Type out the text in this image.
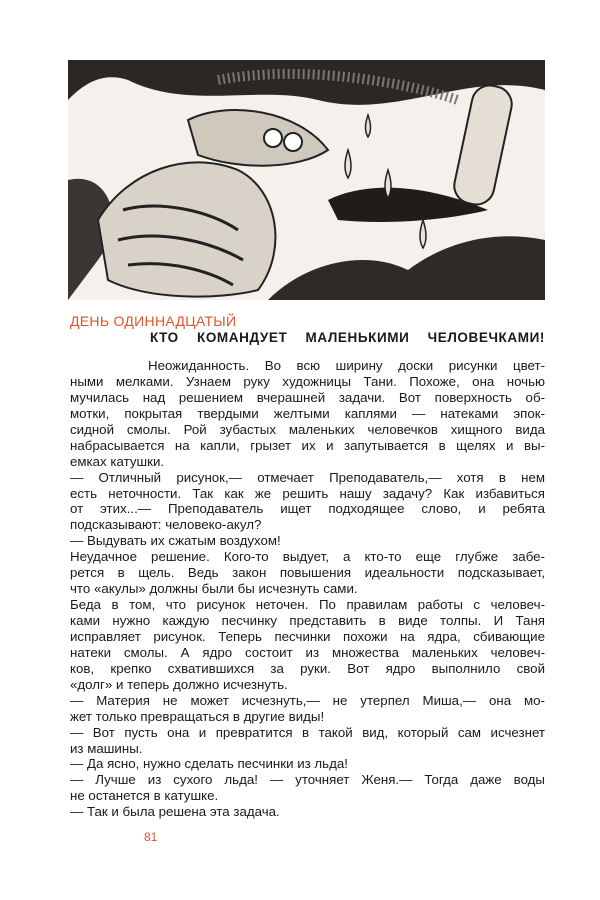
ДЕНЬ ОДИННАДЦАТЫЙ
КТО КОМАНДУЕТ МАЛЕНЬКИМИ ЧЕЛОВЕЧКАМИ!
Неожиданность. Во всю ширину доски рисунки цвет-
ными мелками. Узнаем руку художницы Тани. Похоже, она ночью
мучилась над решением вчерашней задачи. Вот поверхность об-
мотки, покрытая твердыми желтыми каплями — натеками эпок-
сидной смолы. Рой зубастых маленьких человечков хищного вида
набрасывается на капли, грызет их и запутывается в щелях и вы-
емках катушки.
— Отличный рисунок,— отмечает Преподаватель,— хотя в нем
есть неточности. Так как же решить нашу задачу? Как избавиться
от этих...— Преподаватель ищет подходящее слово, и ребята
подсказывают: человеко-акул?
— Выдувать их сжатым воздухом!
Неудачное решение. Кого-то выдует, а кто-то еще глубже забе-
рется в щель. Ведь закон повышения идеальности подсказывает,
что «акулы» должны были бы исчезнуть сами.
Беда в том, что рисунок неточен. По правилам работы с человеч-
ками нужно каждую песчинку представить в виде толпы. И Таня
исправляет рисунок. Теперь песчинки похожи на ядра, сбивающие
натеки смолы. А ядро состоит из множества маленьких человеч-
ков, крепко схватившихся за руки. Вот ядро выполнило свой
«долг» и теперь должно исчезнуть.
— Материя не может исчезнуть,— не утерпел Миша,— она мо-
жет только превращаться в другие виды!
— Вот пусть она и превратится в такой вид, который сам исчезнет
из машины.
— Да ясно, нужно сделать песчинки из льда!
— Лучше из сухого льда! — уточняет Женя.— Тогда даже воды
не останется в катушке.
— Так и была решена эта задача.
81
